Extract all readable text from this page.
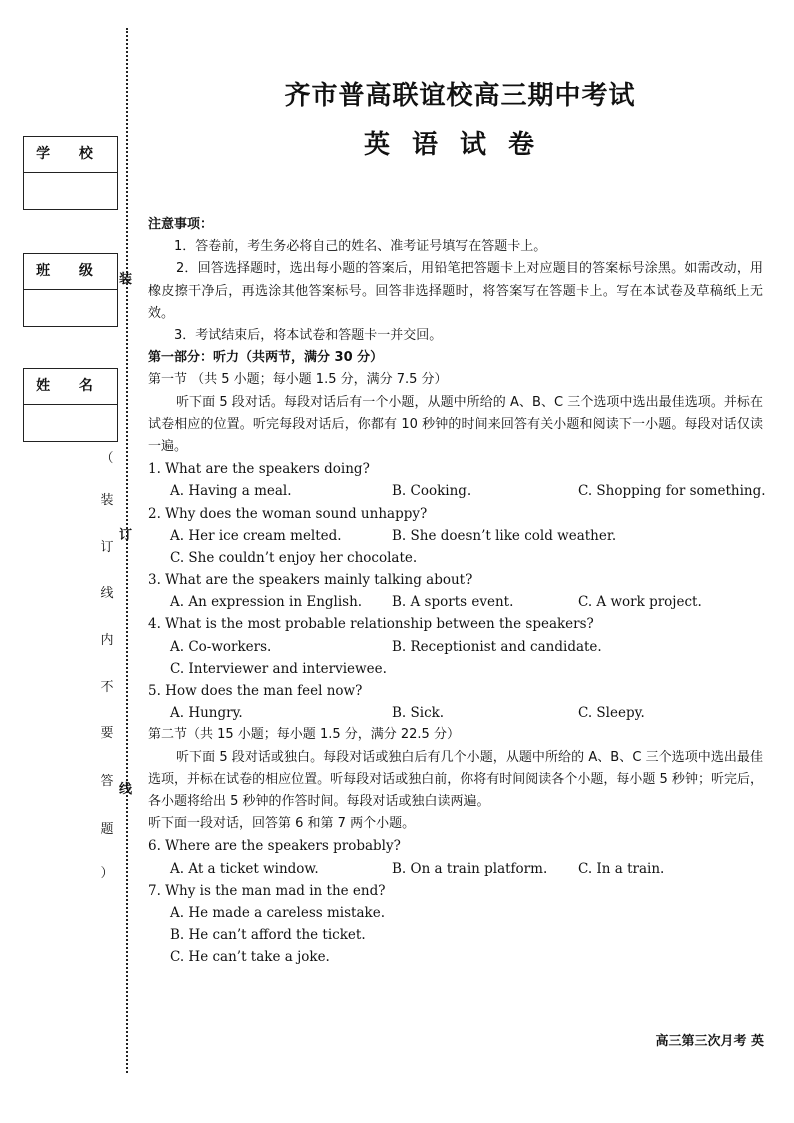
学 校
班 级
姓 名
装
订
线
（
装
订
线
内
不
要
答
题
）
齐市普高联谊校高三期中考试
英语试卷
注意事项：
1．答卷前，考生务必将自己的姓名、准考证号填写在答题卡上。
2．回答选择题时，选出每小题的答案后，用铅笔把答题卡上对应题目的答案标号涂黑。如需改动，用橡皮擦干净后，再选涂其他答案标号。回答非选择题时，将答案写在答题卡上。写在本试卷及草稿纸上无效。
3．考试结束后，将本试卷和答题卡一并交回。
第一部分：听力（共两节，满分 30 分）
第一节 （共 5 小题；每小题 1.5 分，满分 7.5 分）
听下面 5 段对话。每段对话后有一个小题，从题中所给的 A、B、C 三个选项中选出最佳选项。并标在试卷相应的位置。听完每段对话后，你都有 10 秒钟的时间来回答有关小题和阅读下一小题。每段对话仅读一遍。
1. What are the speakers doing?
A. Having a meal.	B. Cooking.	C. Shopping for something.
2. Why does the woman sound unhappy?
A. Her ice cream melted.	B. She doesn’t like cold weather.
C. She couldn’t enjoy her chocolate.
3. What are the speakers mainly talking about?
A. An expression in English. B. A sports event.	C. A work project.
4. What is the most probable relationship between the speakers?
A. Co-workers.	B. Receptionist and candidate.
C. Interviewer and interviewee.
5. How does the man feel now?
A. Hungry.	B. Sick.	C. Sleepy.
第二节（共 15 小题；每小题 1.5 分，满分 22.5 分）
听下面 5 段对话或独白。每段对话或独白后有几个小题，从题中所给的 A、B、C 三个选项中选出最佳选项，并标在试卷的相应位置。听每段对话或独白前，你将有时间阅读各个小题，每小题 5 秒钟；听完后，各小题将给出 5 秒钟的作答时间。每段对话或独白读两遍。
听下面一段对话，回答第 6 和第 7 两个小题。
6. Where are the speakers probably?
A. At a ticket window.	B. On a train platform. C. In a train.
7. Why is the man mad in the end?
A. He made a careless mistake.
B. He can’t afford the ticket.
C. He can’t take a joke.
高三第三次月考 英
